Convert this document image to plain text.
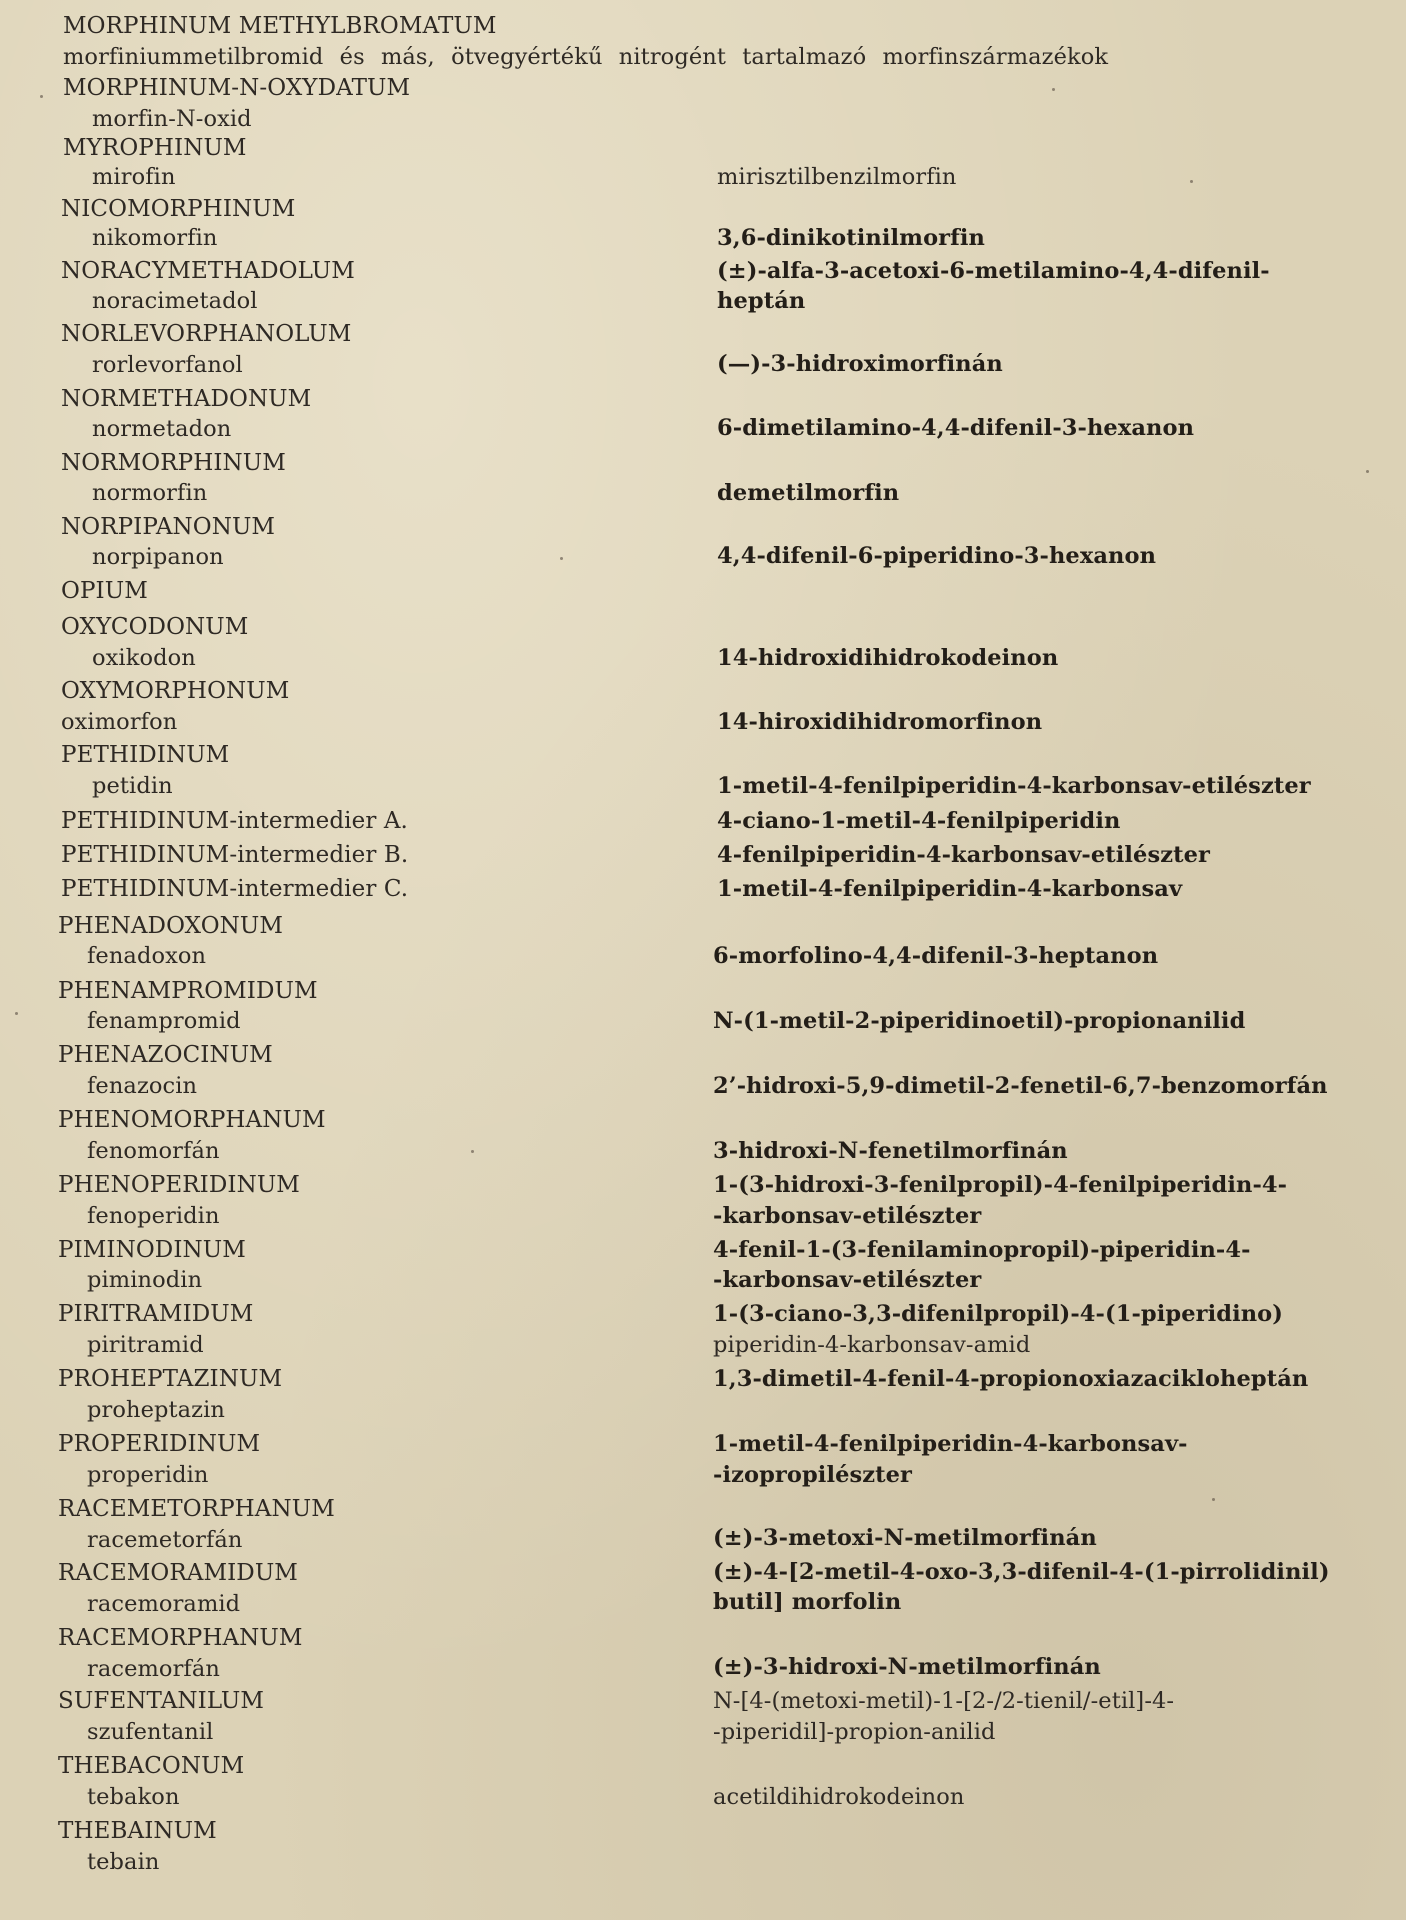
MORPHINUM METHYLBROMATUM
morfiniummetilbromid és más, ötvegyértékű nitrogént tartalmazó morfinszármazékok
MORPHINUM-N-OXYDATUM
morfin-N-oxid
MYROPHINUM
mirofin	mirisztilbenzilmorfin
NICOMORPHINUM
nikomorfin	3,6-dinikotinilmorfin
NORACYMETHADOLUM	(±)-alfa-3-acetoxi-6-metilamino-4,4-difenil-
noracimetadol	heptán
NORLEVORPHANOLUM
rorlevorfanol	(—)-3-hidroximorfinán
NORMETHADONUM
normetadon	6-dimetilamino-4,4-difenil-3-hexanon
NORMORPHINUM
normorfin	demetilmorfin
NORPIPANONUM
norpipanon	4,4-difenil-6-piperidino-3-hexanon
OPIUM
OXYCODONUM
oxikodon	14-hidroxidihidrokodeinon
OXYMORPHONUM
oximorfon	14-hiroxidihidromorfinon
PETHIDINUM
petidin	1-metil-4-fenilpiperidin-4-karbonsav-etilészter
PETHIDINUM-intermedier A.	4-ciano-1-metil-4-fenilpiperidin
PETHIDINUM-intermedier B.	4-fenilpiperidin-4-karbonsav-etilészter
PETHIDINUM-intermedier C.	1-metil-4-fenilpiperidin-4-karbonsav
PHENADOXONUM
fenadoxon	6-morfolino-4,4-difenil-3-heptanon
PHENAMPROMIDUM
fenampromid	N-(1-metil-2-piperidinoetil)-propionanilid
PHENAZOCINUM
fenazocin	2’-hidroxi-5,9-dimetil-2-fenetil-6,7-benzomorfán
PHENOMORPHANUM
fenomorfán	3-hidroxi-N-fenetilmorfinán
PHENOPERIDINUM	1-(3-hidroxi-3-fenilpropil)-4-fenilpiperidin-4-
fenoperidin	-karbonsav-etilészter
PIMINODINUM	4-fenil-1-(3-fenilaminopropil)-piperidin-4-
piminodin	-karbonsav-etilészter
PIRITRAMIDUM	1-(3-ciano-3,3-difenilpropil)-4-(1-piperidino)
piritramid	piperidin-4-karbonsav-amid
PROHEPTAZINUM	1,3-dimetil-4-fenil-4-propionoxiazacikloheptán
proheptazin
PROPERIDINUM	1-metil-4-fenilpiperidin-4-karbonsav-
properidin	-izopropilészter
RACEMETORPHANUM
racemetorfán	(±)-3-metoxi-N-metilmorfinán
RACEMORAMIDUM	(±)-4-[2-metil-4-oxo-3,3-difenil-4-(1-pirrolidinil)
racemoramid	butil] morfolin
RACEMORPHANUM
racemorfán	(±)-3-hidroxi-N-metilmorfinán
SUFENTANILUM	N-[4-(metoxi-metil)-1-[2-/2-tienil/-etil]-4-
szufentanil	-piperidil]-propion-anilid
THEBACONUM
tebakon	acetildihidrokodeinon
THEBAINUM
tebain
